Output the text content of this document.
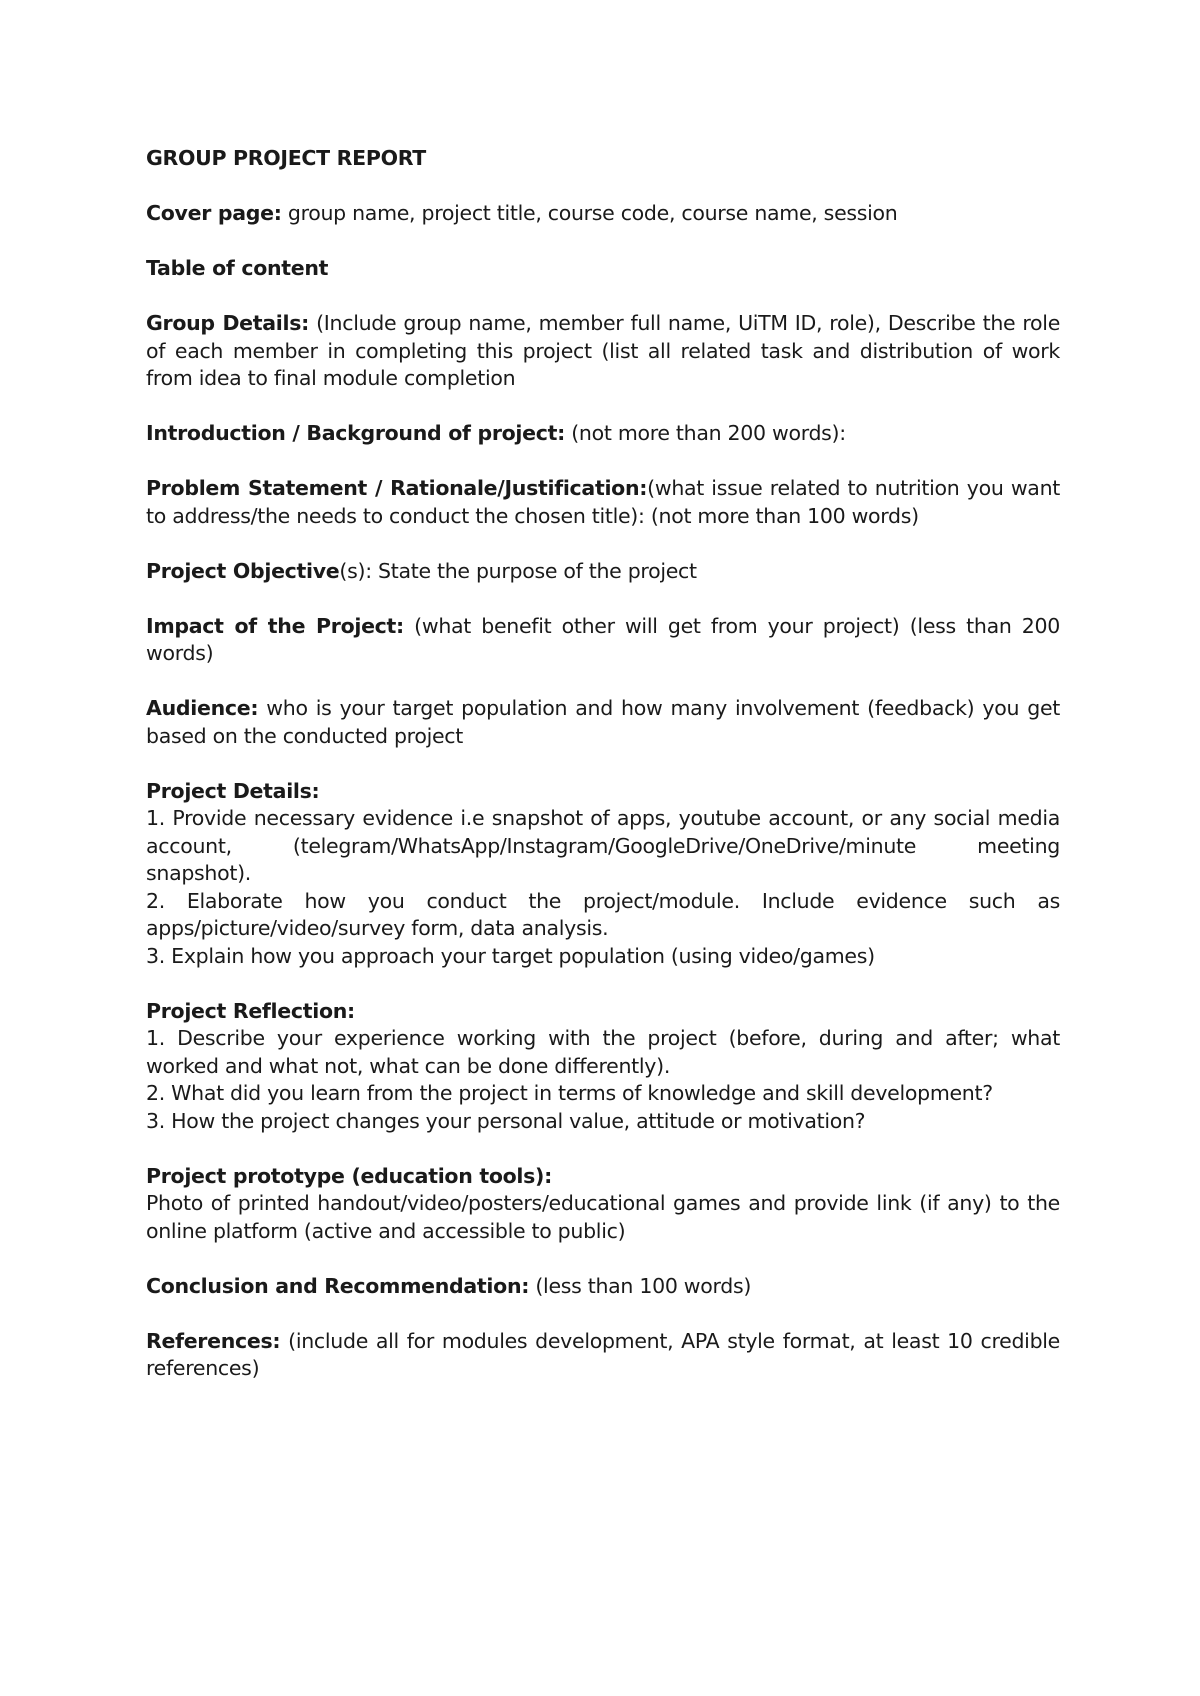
GROUP PROJECT REPORT

Cover page: group name, project title, course code, course name, session

Table of content

Group Details: (Include group name, member full name, UiTM ID, role), Describe the role of each member in completing this project (list all related task and distribution of work from idea to final module completion

Introduction / Background of project: (not more than 200 words):

Problem Statement / Rationale/Justification:(what issue related to nutrition you want to address/the needs to conduct the chosen title): (not more than 100 words)

Project Objective(s): State the purpose of the project

Impact of the Project: (what benefit other will get from your project) (less than 200 words)

Audience: who is your target population and how many involvement (feedback) you get based on the conducted project

Project Details:
1. Provide necessary evidence i.e snapshot of apps, youtube account, or any social media account, (telegram/WhatsApp/Instagram/GoogleDrive/OneDrive/minute meeting snapshot).
2. Elaborate how you conduct the project/module. Include evidence such as apps/picture/video/survey form, data analysis.
3. Explain how you approach your target population (using video/games)
Project Reflection:
1. Describe your experience working with the project (before, during and after; what worked and what not, what can be done differently).
2. What did you learn from the project in terms of knowledge and skill development?
3. How the project changes your personal value, attitude or motivation?
Project prototype (education tools):
Photo of printed handout/video/posters/educational games and provide link (if any) to the online platform (active and accessible to public)

Conclusion and Recommendation: (less than 100 words)

References: (include all for modules development, APA style format, at least 10 credible references)
